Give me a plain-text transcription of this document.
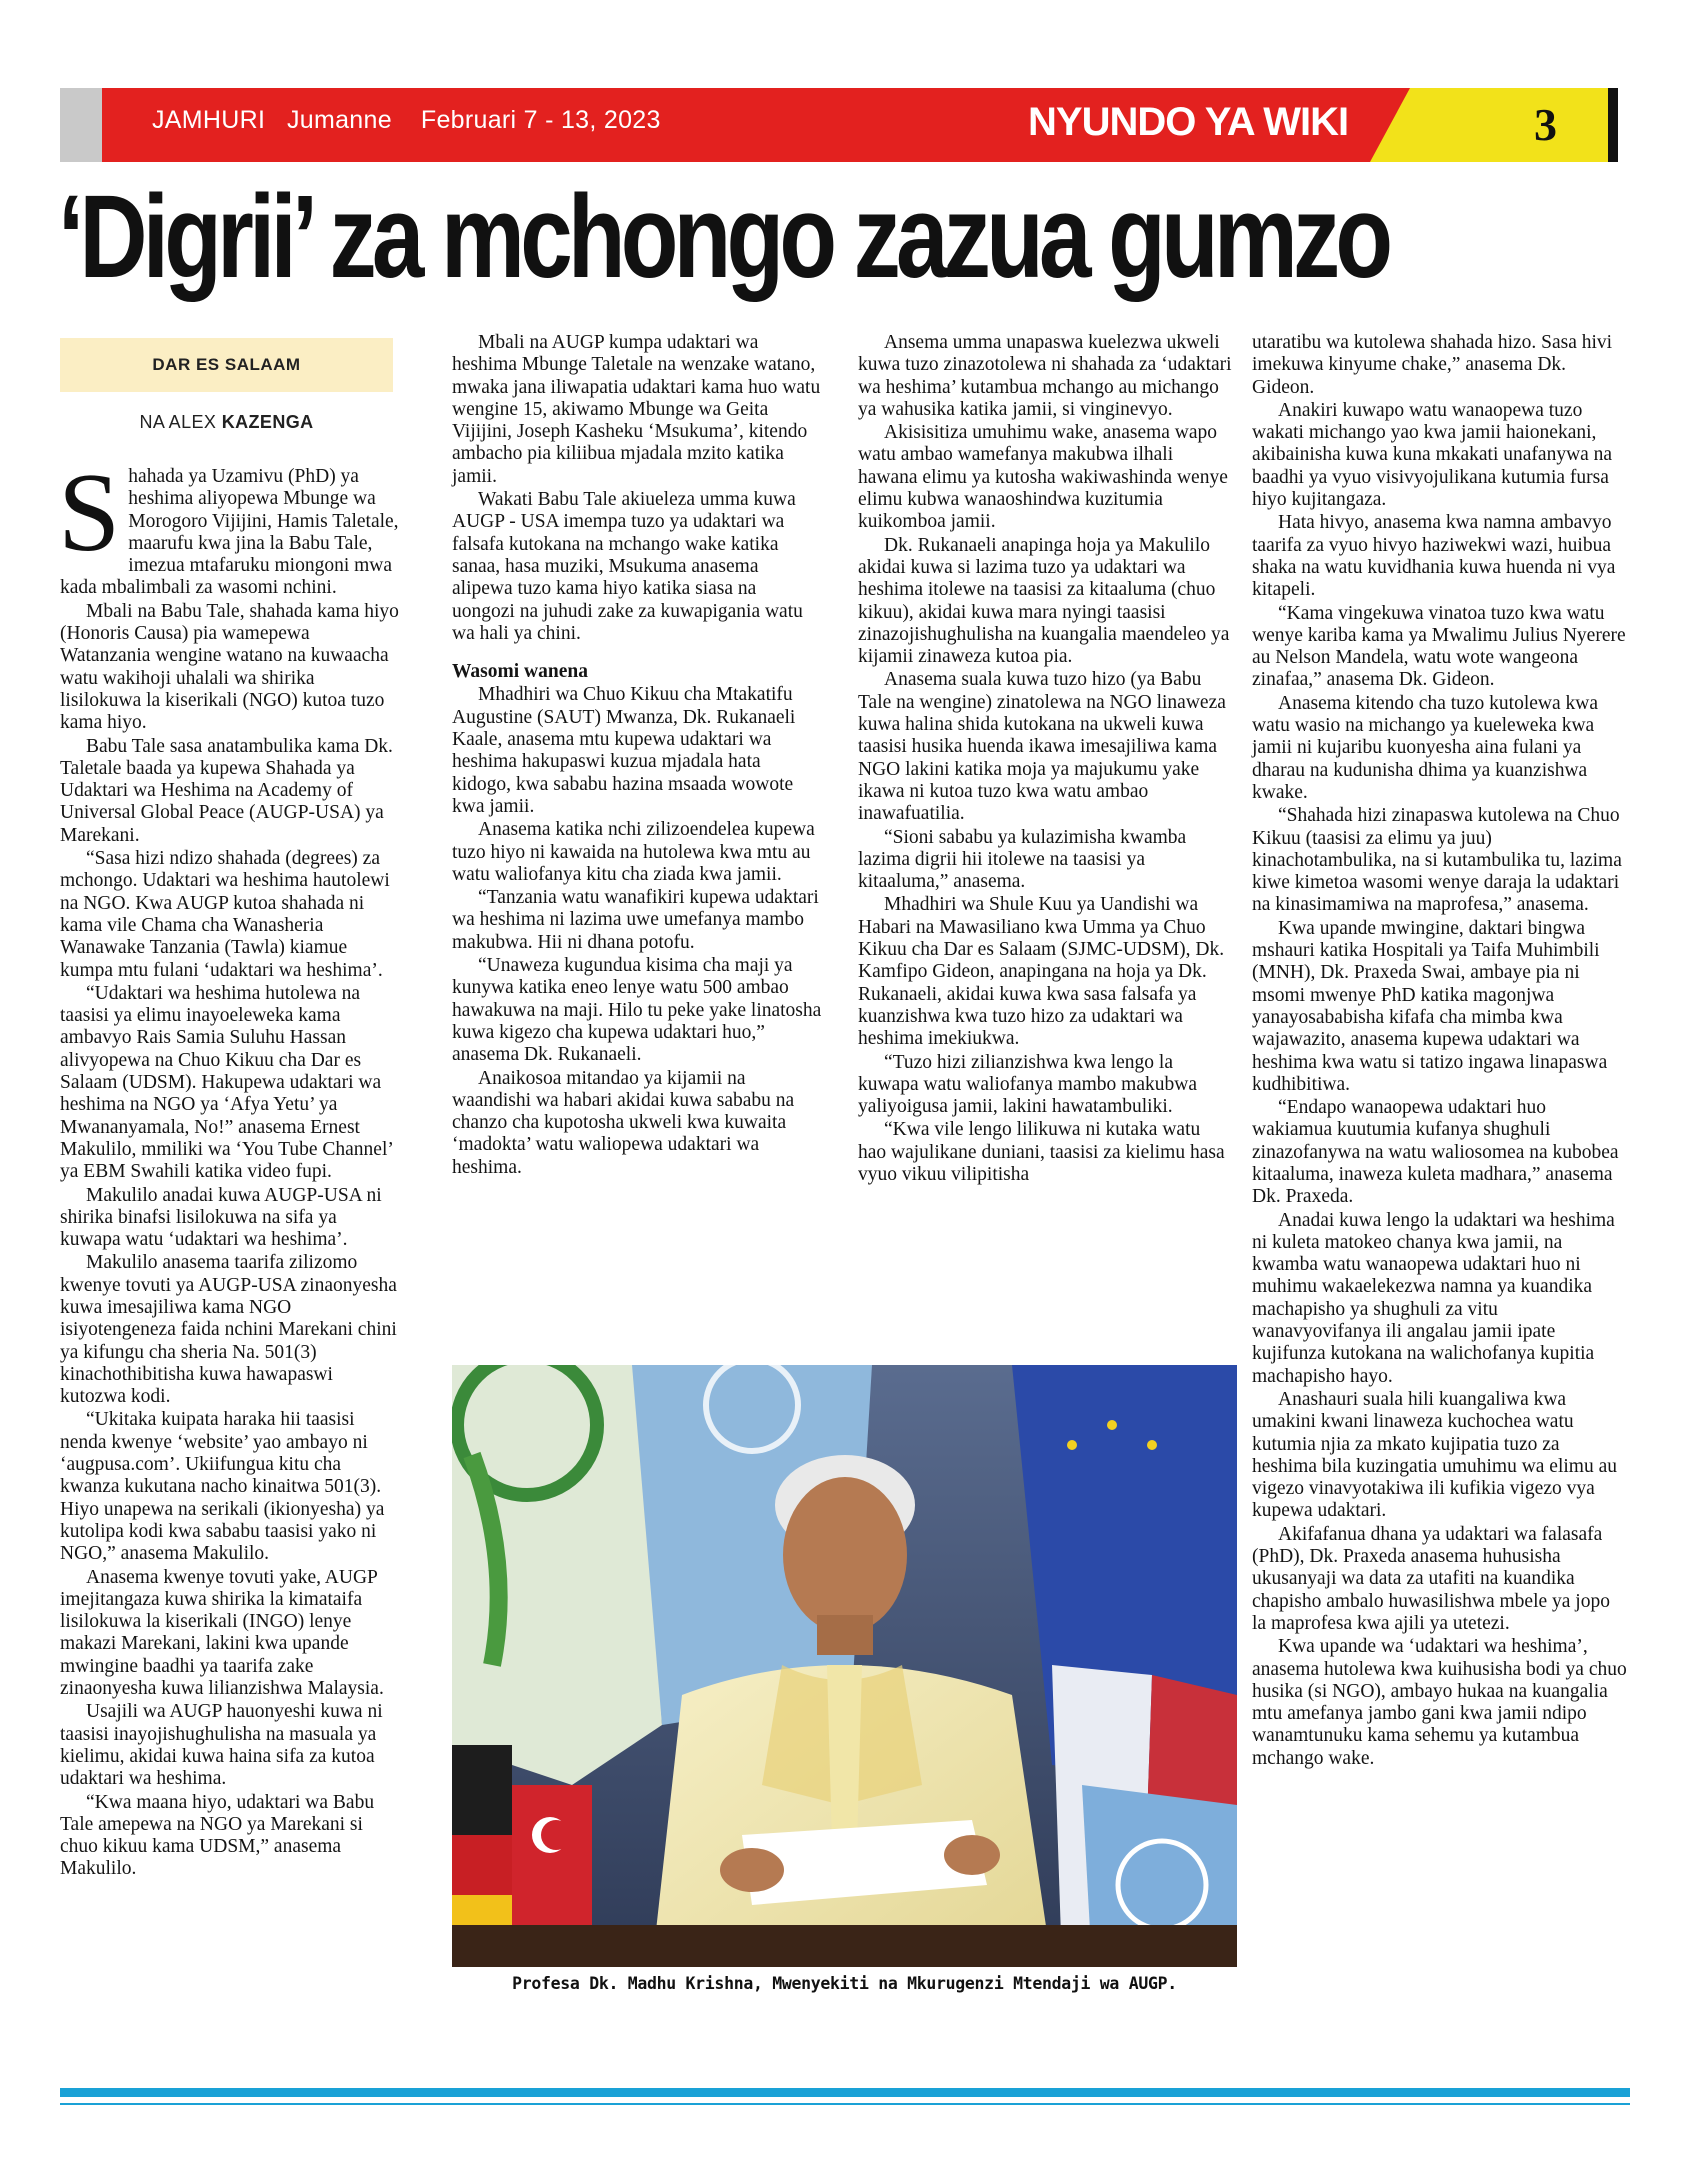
JAMHURI Jumanne Februari 7 - 13, 2023	NYUNDO YA WIKI	3
‘Digrii’ za mchongo zazua gumzo
DAR ES SALAAM
NA ALEX KAZENGA

Shahada ya Uzamivu (PhD) ya heshima aliyopewa Mbunge wa Morogoro Vijijini, Hamis Taletale, maarufu kwa jina la Babu Tale, imezua mtafaruku miongoni mwa kada mbalimbali za wasomi nchini.

Mbali na Babu Tale, shahada kama hiyo (Honoris Causa) pia wamepewa Watanzania wengine watano na kuwaacha watu wakihoji uhalali wa shirika lisilokuwa la kiserikali (NGO) kutoa tuzo kama hiyo.

Babu Tale sasa anatambulika kama Dk. Taletale baada ya kupewa Shahada ya Udaktari wa Heshima na Academy of Universal Global Peace (AUGP-USA) ya Marekani.

“Sasa hizi ndizo shahada (degrees) za mchongo. Udaktari wa heshima hautolewi na NGO. Kwa AUGP kutoa shahada ni kama vile Chama cha Wanasheria Wanawake Tanzania (Tawla) kiamue kumpa mtu fulani ‘udaktari wa heshima’.

“Udaktari wa heshima hutolewa na taasisi ya elimu inayoeleweka kama ambavyo Rais Samia Suluhu Hassan alivyopewa na Chuo Kikuu cha Dar es Salaam (UDSM). Hakupewa udaktari wa heshima na NGO ya ‘Afya Yetu’ ya Mwananyamala, No!” anasema Ernest Makulilo, mmiliki wa ‘You Tube Channel’ ya EBM Swahili katika video fupi.

Makulilo anadai kuwa AUGP-USA ni shirika binafsi lisilokuwa na sifa ya kuwapa watu ‘udaktari wa heshima’.

Makulilo anasema taarifa zilizomo kwenye tovuti ya AUGP-USA zinaonyesha kuwa imesajiliwa kama NGO isiyotengeneza faida nchini Marekani chini ya kifungu cha sheria Na. 501(3) kinachothibitisha kuwa hawapaswi kutozwa kodi.

“Ukitaka kuipata haraka hii taasisi nenda kwenye ‘website’ yao ambayo ni ‘augpusa.com’. Ukiifungua kitu cha kwanza kukutana nacho kinaitwa 501(3). Hiyo unapewa na serikali (ikionyesha) ya kutolipa kodi kwa sababu taasisi yako ni NGO,” anasema Makulilo.

Anasema kwenye tovuti yake, AUGP imejitangaza kuwa shirika la kimataifa lisilokuwa la kiserikali (INGO) lenye makazi Marekani, lakini kwa upande mwingine baadhi ya taarifa zake zinaonyesha kuwa lilianzishwa Malaysia.

Usajili wa AUGP hauonyeshi kuwa ni taasisi inayojishughulisha na masuala ya kielimu, akidai kuwa haina sifa za kutoa udaktari wa heshima.

“Kwa maana hiyo, udaktari wa Babu Tale amepewa na NGO ya Marekani si chuo kikuu kama UDSM,” anasema Makulilo.

Mbali na AUGP kumpa udaktari wa heshima Mbunge Taletale na wenzake watano, mwaka jana iliwapatia udaktari kama huo watu wengine 15, akiwamo Mbunge wa Geita Vijijini, Joseph Kasheku ‘Msukuma’, kitendo ambacho pia kiliibua mjadala mzito katika jamii.

Wakati Babu Tale akiueleza umma kuwa AUGP - USA imempa tuzo ya udaktari wa falsafa kutokana na mchango wake katika sanaa, hasa muziki, Msukuma anasema alipewa tuzo kama hiyo katika siasa na uongozi na juhudi zake za kuwapigania watu wa hali ya chini.

Wasomi wanena

Mhadhiri wa Chuo Kikuu cha Mtakatifu Augustine (SAUT) Mwanza, Dk. Rukanaeli Kaale, anasema mtu kupewa udaktari wa heshima hakupaswi kuzua mjadala hata kidogo, kwa sababu hazina msaada wowote kwa jamii.

Anasema katika nchi zilizoendelea kupewa tuzo hiyo ni kawaida na hutolewa kwa mtu au watu waliofanya kitu cha ziada kwa jamii.

“Tanzania watu wanafikiri kupewa udaktari wa heshima ni lazima uwe umefanya mambo makubwa. Hii ni dhana potofu.

“Unaweza kugundua kisima cha maji ya kunywa katika eneo lenye watu 500 ambao hawakuwa na maji. Hilo tu peke yake linatosha kuwa kigezo cha kupewa udaktari huo,” anasema Dk. Rukanaeli.

Anaikosoa mitandao ya kijamii na waandishi wa habari akidai kuwa sababu na chanzo cha kupotosha ukweli kwa kuwaita ‘madokta’ watu waliopewa udaktari wa heshima.

Ansema umma unapaswa kuelezwa ukweli kuwa tuzo zinazotolewa ni shahada za ‘udaktari wa heshima’ kutambua mchango au michango ya wahusika katika jamii, si vinginevyo.

Akisisitiza umuhimu wake, anasema wapo watu ambao wamefanya makubwa ilhali hawana elimu ya kutosha wakiwashinda wenye elimu kubwa wanaoshindwa kuzitumia kuikomboa jamii.

Dk. Rukanaeli anapinga hoja ya Makulilo akidai kuwa si lazima tuzo ya udaktari wa heshima itolewe na taasisi za kitaaluma (chuo kikuu), akidai kuwa mara nyingi taasisi zinazojishughulisha na kuangalia maendeleo ya kijamii zinaweza kutoa pia.

Anasema suala kuwa tuzo hizo (ya Babu Tale na wengine) zinatolewa na NGO linaweza kuwa halina shida kutokana na ukweli kuwa taasisi husika huenda ikawa imesajiliwa kama NGO lakini katika moja ya majukumu yake ikawa ni kutoa tuzo kwa watu ambao inawafuatilia.

“Sioni sababu ya kulazimisha kwamba lazima digrii hii itolewe na taasisi ya kitaaluma,” anasema.

Mhadhiri wa Shule Kuu ya Uandishi wa Habari na Mawasiliano kwa Umma ya Chuo Kikuu cha Dar es Salaam (SJMC-UDSM), Dk. Kamfipo Gideon, anapingana na hoja ya Dk. Rukanaeli, akidai kuwa kwa sasa falsafa ya kuanzishwa kwa tuzo hizo za udaktari wa heshima imekiukwa.

“Tuzo hizi zilianzishwa kwa lengo la kuwapa watu waliofanya mambo makubwa yaliyoigusa jamii, lakini hawatambuliki.

“Kwa vile lengo lilikuwa ni kutaka watu hao wajulikane duniani, taasisi za kielimu hasa vyuo vikuu vilipitisha

utaratibu wa kutolewa shahada hizo. Sasa hivi imekuwa kinyume chake,” anasema Dk. Gideon.

Anakiri kuwapo watu wanaopewa tuzo wakati michango yao kwa jamii haionekani, akibainisha kuwa kuna mkakati unafanywa na baadhi ya vyuo visivyojulikana kutumia fursa hiyo kujitangaza.

Hata hivyo, anasema kwa namna ambavyo taarifa za vyuo hivyo haziwekwi wazi, huibua shaka na watu kuvidhania kuwa huenda ni vya kitapeli.

“Kama vingekuwa vinatoa tuzo kwa watu wenye kariba kama ya Mwalimu Julius Nyerere au Nelson Mandela, watu wote wangeona zinafaa,” anasema Dk. Gideon.

Anasema kitendo cha tuzo kutolewa kwa watu wasio na michango ya kueleweka kwa jamii ni kujaribu kuonyesha aina fulani ya dharau na kudunisha dhima ya kuanzishwa kwake.

“Shahada hizi zinapaswa kutolewa na Chuo Kikuu (taasisi za elimu ya juu) kinachotambulika, na si kutambulika tu, lazima kiwe kimetoa wasomi wenye daraja la udaktari na kinasimamiwa na maprofesa,” anasema.

Kwa upande mwingine, daktari bingwa mshauri katika Hospitali ya Taifa Muhimbili (MNH), Dk. Praxeda Swai, ambaye pia ni msomi mwenye PhD katika magonjwa yanayosababisha kifafa cha mimba kwa wajawazito, anasema kupewa udaktari wa heshima kwa watu si tatizo ingawa linapaswa kudhibitiwa.

“Endapo wanaopewa udaktari huo wakiamua kuutumia kufanya shughuli zinazofanywa na watu waliosomea na kubobea kitaaluma, inaweza kuleta madhara,” anasema Dk. Praxeda.

Anadai kuwa lengo la udaktari wa heshima ni kuleta matokeo chanya kwa jamii, na kwamba watu wanaopewa udaktari huo ni muhimu wakaelekezwa namna ya kuandika machapisho ya shughuli za vitu wanavyovifanya ili angalau jamii ipate kujifunza kutokana na walichofanya kupitia machapisho hayo.

Anashauri suala hili kuangaliwa kwa umakini kwani linaweza kuchochea watu kutumia njia za mkato kujipatia tuzo za heshima bila kuzingatia umuhimu wa elimu au vigezo vinavyotakiwa ili kufikia vigezo vya kupewa udaktari.

Akifafanua dhana ya udaktari wa falasafa (PhD), Dk. Praxeda anasema huhusisha ukusanyaji wa data za utafiti na kuandika chapisho ambalo huwasilishwa mbele ya jopo la maprofesa kwa ajili ya utetezi.

Kwa upande wa ‘udaktari wa heshima’, anasema hutolewa kwa kuihusisha bodi ya chuo husika (si NGO), ambayo hukaa na kuangalia mtu amefanya jambo gani kwa jamii ndipo wanamtunuku kama sehemu ya kutambua mchango wake.

Profesa Dk. Madhu Krishna, Mwenyekiti na Mkurugenzi Mtendaji wa AUGP.
